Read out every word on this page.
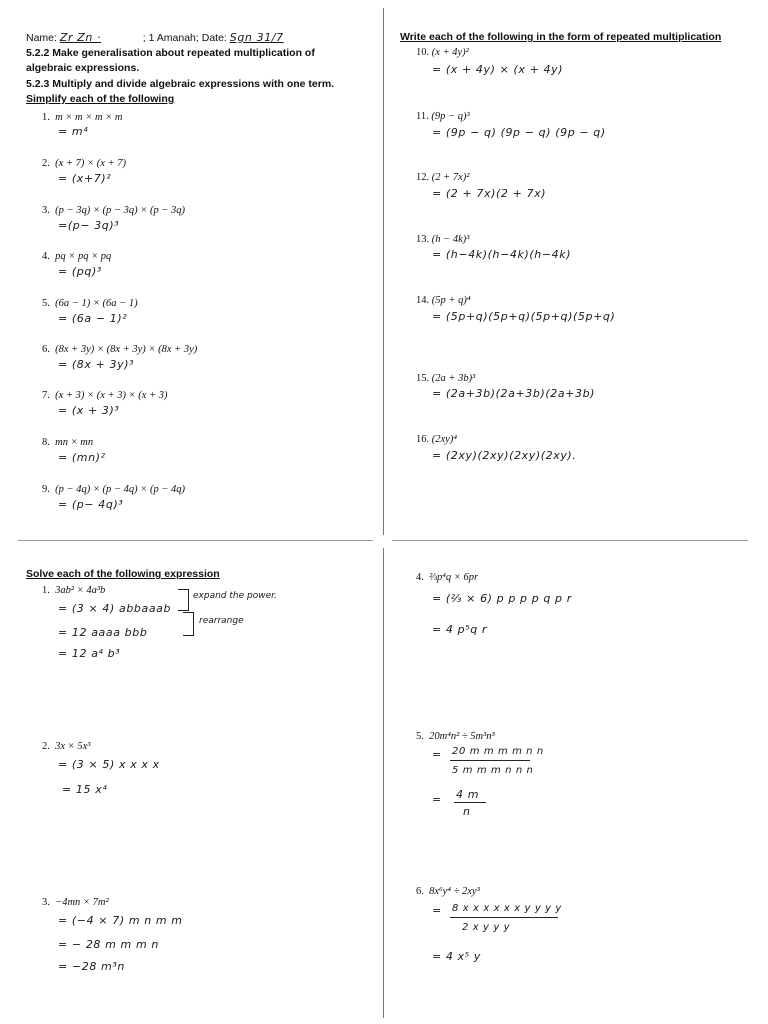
Name: Zr Zn ·	; 1 Amanah; Date: Sgn 31/7
5.2.2 Make generalisation about repeated multiplication of
algebraic expressions.
5.2.3 Multiply and divide algebraic expressions with one term.
Simplify each of the following
Write each of the following in the form of repeated multiplication
1. m × m × m × m
= m⁴
2. (x + 7) × (x + 7)
= (x+7)²
3. (p − 3q) × (p − 3q) × (p − 3q)
=(p− 3q)³
4. pq × pq × pq
= (pq)³
5. (6a − 1) × (6a − 1)
= (6a − 1)²
6. (8x + 3y) × (8x + 3y) × (8x + 3y)
= (8x + 3y)³
7. (x + 3) × (x + 3) × (x + 3)
= (x + 3)³
8. mn × mn
= (mn)²
9. (p − 4q) × (p − 4q) × (p − 4q)
= (p− 4q)³
10. (x + 4y)²
= (x + 4y) × (x + 4y)
11. (9p − q)³
= (9p − q) (9p − q) (9p − q)
12. (2 + 7x)²
= (2 + 7x)(2 + 7x)
13. (h − 4k)³
= (h−4k)(h−4k)(h−4k)
14. (5p + q)⁴
= (5p+q)(5p+q)(5p+q)(5p+q)
15. (2a + 3b)³
= (2a+3b)(2a+3b)(2a+3b)
16. (2xy)⁴
= (2xy)(2xy)(2xy)(2xy).
Solve each of the following expression
1. 3ab² × 4a³b
= (3 × 4) abbaaab
= 12 aaaa bbb
= 12 a⁴ b³
expand the power.
rearrange
2. 3x × 5x³
= (3 × 5) x x x x
= 15 x⁴
3. −4mn × 7m²
= (−4 × 7) m n m m
= − 28 m m m n
= −28 m³n
4. ⅔p⁴q × 6pr
= (⅔ × 6) p p p p q p r
= 4 p⁵q r
5. 20m⁴n² ÷ 5m³n³
= 20 m m m m n n
5 m m m n n n
= 4 m
n
6. 8x⁶y⁴ ÷ 2xy³
= 8 x x x x x x y y y y
2 x y y y
= 4 x⁵ y
